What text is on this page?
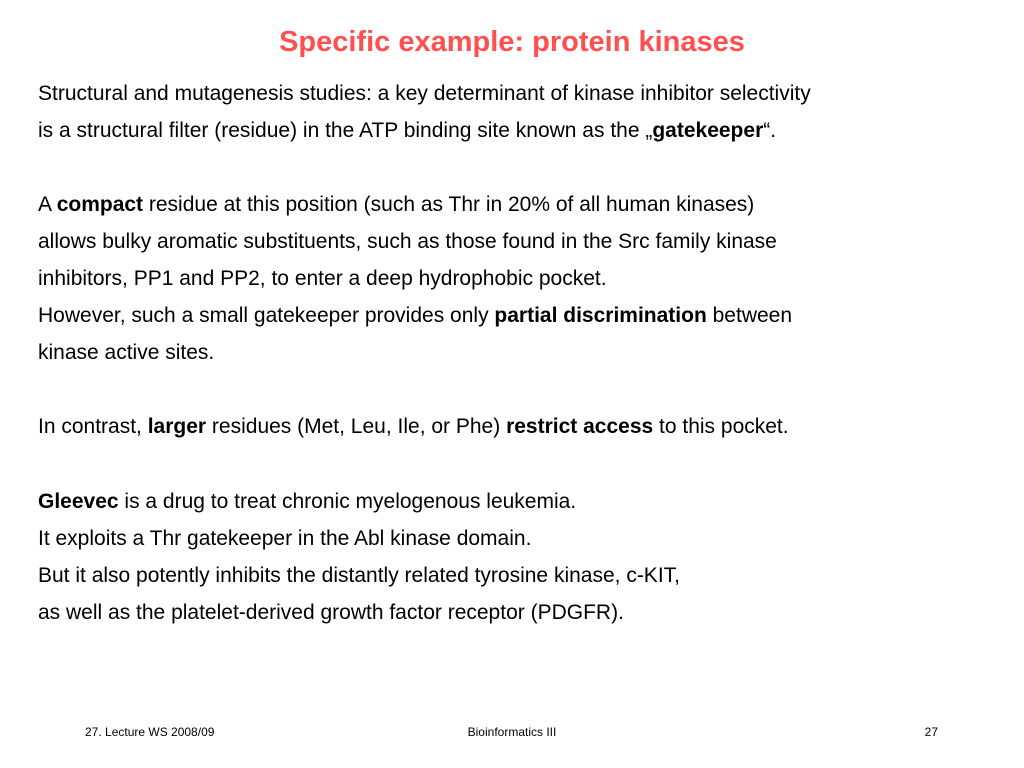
Specific example: protein kinases
Structural and mutagenesis studies: a key determinant of kinase inhibitor selectivity
is a structural filter (residue) in the ATP binding site known as the „gatekeeper“.
A compact residue at this position (such as Thr in 20% of all human kinases)
allows bulky aromatic substituents, such as those found in the Src family kinase
inhibitors, PP1 and PP2, to enter a deep hydrophobic pocket.
However, such a small gatekeeper provides only partial discrimination between
kinase active sites.
In contrast, larger residues (Met, Leu, Ile, or Phe) restrict access to this pocket.
Gleevec is a drug to treat chronic myelogenous leukemia.
It exploits a Thr gatekeeper in the Abl kinase domain.
But it also potently inhibits the distantly related tyrosine kinase, c-KIT,
as well as the platelet-derived growth factor receptor (PDGFR).
27. Lecture WS 2008/09	Bioinformatics III	27
